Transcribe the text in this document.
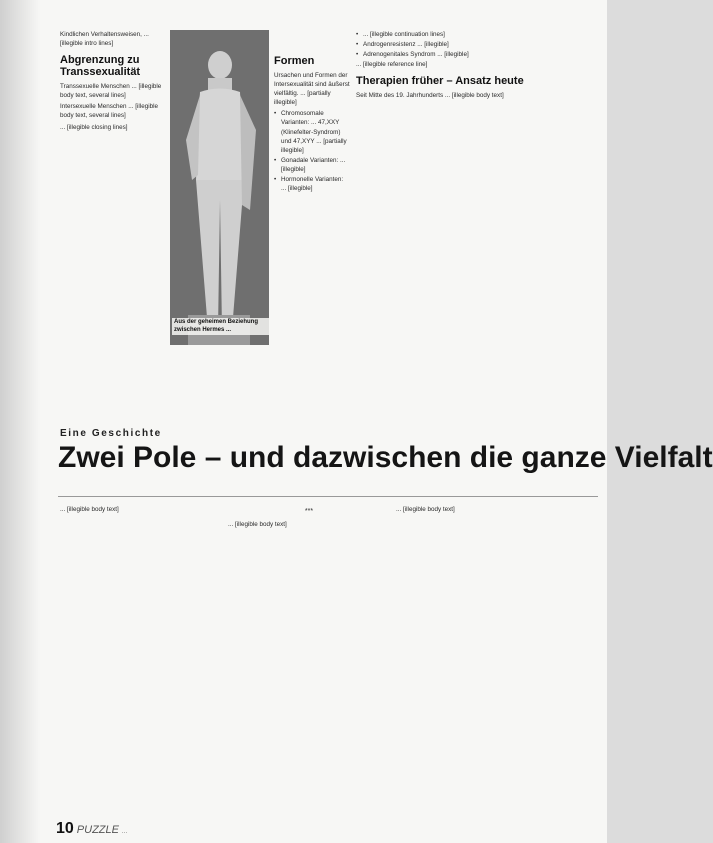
Kindlichen Verhaltensweisen, ... [illegible intro lines]

Abgrenzung zu Transsexualität

Transsexuelle Menschen ... [illegible body text, several lines]

Intersexuelle Menschen ... [illegible body text, several lines]

... [illegible closing lines]

Aus der geheimen Beziehung zwischen Hermes ...
Formen

Ursachen und Formen der Intersexualität sind äußerst vielfältig. ... [partially illegible]

• Chromosomale Varianten: ... 47,XXY (Klinefelter-Syndrom) und 47,XYY ... [partially illegible]
• Gonadale Varianten: ... [illegible]
• Hormonelle Varianten: ... [illegible]
• ... [illegible continuation lines]
• Androgenresistenz ... [illegible]
• Adrenogenitales Syndrom ... [illegible]

... [illegible reference line]

Therapien früher – Ansatz heute

Seit Mitte des 19. Jahrhunderts ... [illegible body text]

Eine Geschichte
Zwei Pole – und dazwischen die ganze Vielfalt

... [illegible body text]	***

... [illegible body text]

... [illegible body text]

10 PUZZLE ...
